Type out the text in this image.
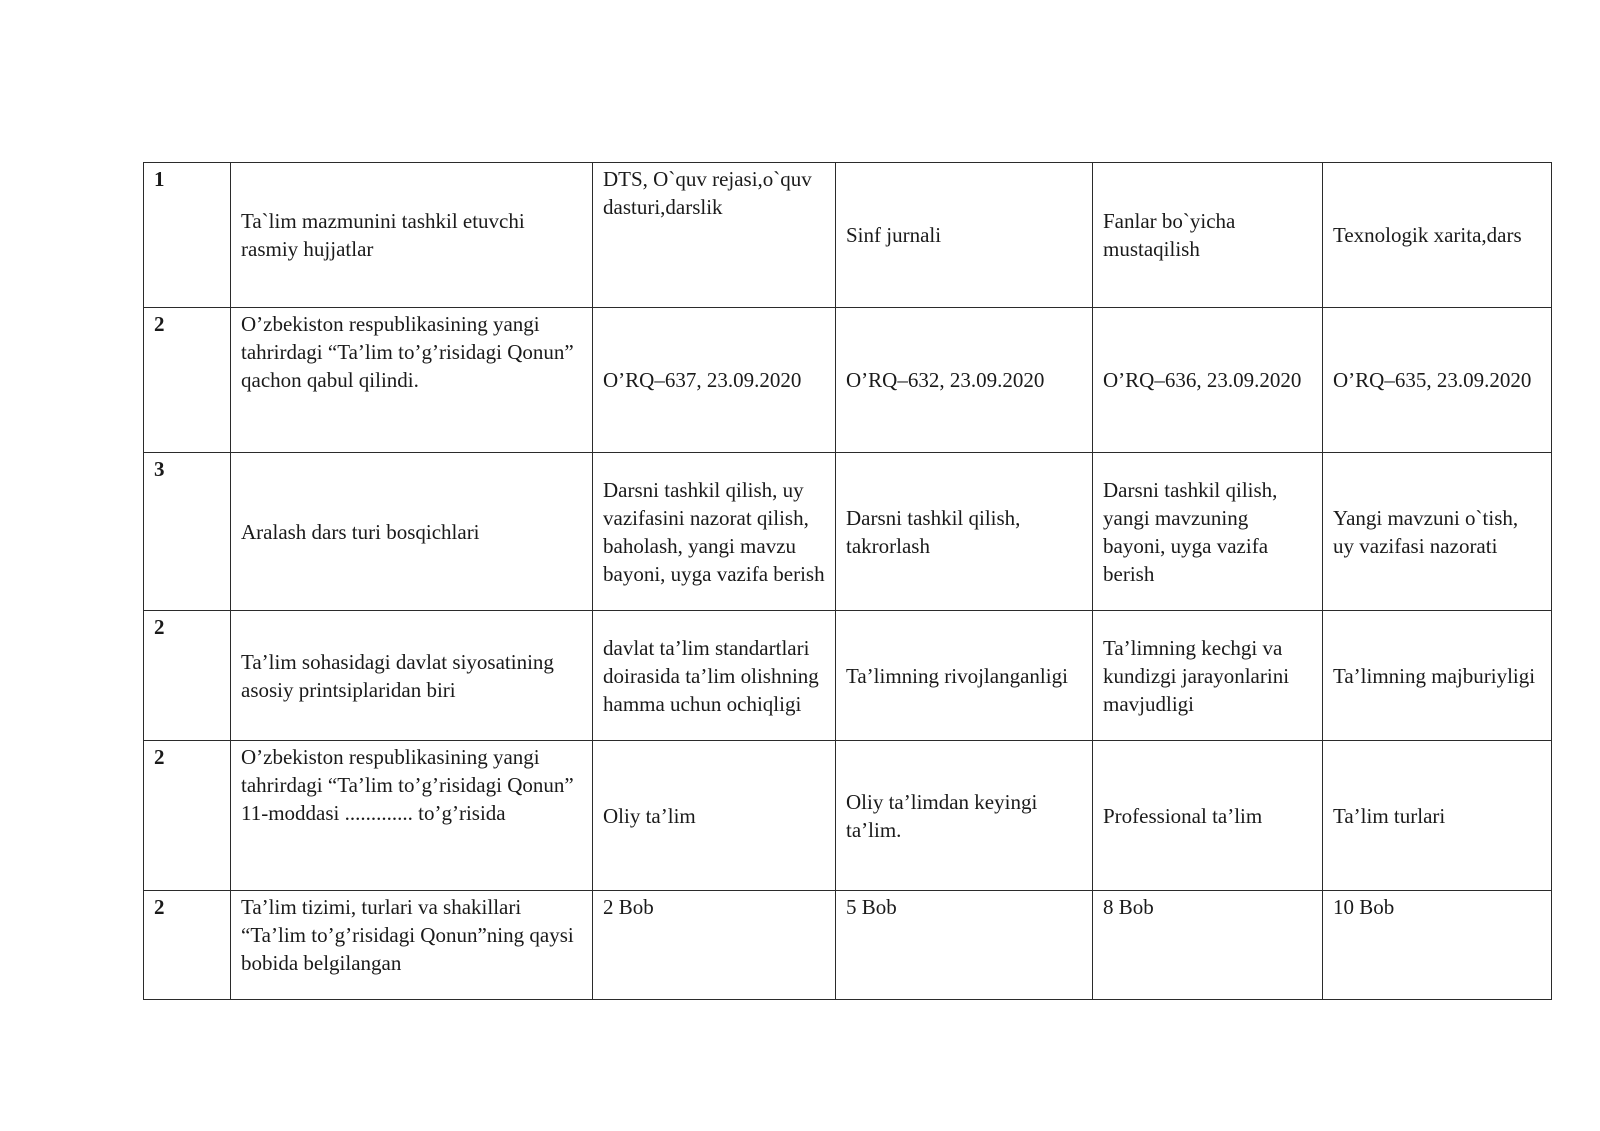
1	Ta`lim mazmunini tashkil etuvchi rasmiy hujjatlar	DTS, O`quv rejasi,o`quv dasturi,darslik	Sinf jurnali	Fanlar bo`yicha mustaqilish	Texnologik xarita,dars
2	O’zbekiston respublikasining yangi tahrirdagi “Ta’lim to’g’risidagi Qonun” qachon qabul qilindi.	O’RQ–637, 23.09.2020	O’RQ–632, 23.09.2020	O’RQ–636, 23.09.2020	O’RQ–635, 23.09.2020
3	Aralash dars turi bosqichlari	Darsni tashkil qilish, uy vazifasini nazorat qilish, baholash, yangi mavzu bayoni, uyga vazifa berish	Darsni tashkil qilish, takrorlash	Darsni tashkil qilish, yangi mavzuning bayoni, uyga vazifa berish	Yangi mavzuni o`tish, uy vazifasi nazorati
2	Ta’lim sohasidagi davlat siyosatining asosiy printsiplaridan biri	davlat ta’lim standartlari doirasida ta’lim olishning hamma uchun ochiqligi	Ta’limning rivojlanganligi	Ta’limning kechgi va kundizgi jarayonlarini mavjudligi	Ta’limning majburiyligi
2	O’zbekiston respublikasining yangi tahrirdagi “Ta’lim to’g’risidagi Qonun” 11-moddasi ............. to’g’risida	Oliy ta’lim	Oliy ta’limdan keyingi ta’lim.	Professional ta’lim	Ta’lim turlari
2	Ta’lim tizimi, turlari va shakillari “Ta’lim to’g’risidagi Qonun”ning qaysi bobida belgilangan	2 Bob	5 Bob	8 Bob	10 Bob
